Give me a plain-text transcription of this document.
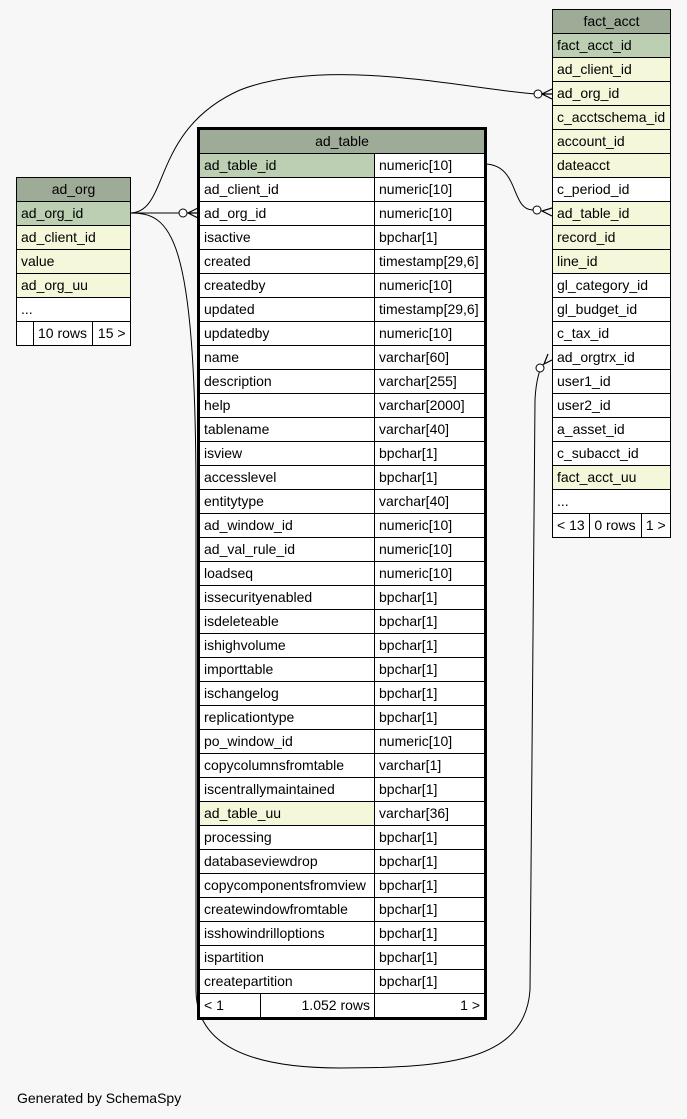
ad_org
ad_org_id
ad_client_id
value
ad_org_uu
...
	10 rows	15 >
ad_table		
ad_table_id		numeric[10]
ad_client_id		numeric[10]
ad_org_id		numeric[10]
isactive		bpchar[1]
created		timestamp[29,6]
createdby		numeric[10]
updated		timestamp[29,6]
updatedby		numeric[10]
name		varchar[60]
description		varchar[255]
help		varchar[2000]
tablename		varchar[40]
isview		bpchar[1]
accesslevel		bpchar[1]
entitytype		varchar[40]
ad_window_id		numeric[10]
ad_val_rule_id		numeric[10]
loadseq		numeric[10]
issecurityenabled		bpchar[1]
isdeleteable		bpchar[1]
ishighvolume		bpchar[1]
importtable		bpchar[1]
ischangelog		bpchar[1]
replicationtype		bpchar[1]
po_window_id		numeric[10]
copycolumnsfromtable		varchar[1]
iscentrallymaintained		bpchar[1]
ad_table_uu		varchar[36]
processing		bpchar[1]
databaseviewdrop		bpchar[1]
copycomponentsfromview		bpchar[1]
createwindowfromtable		bpchar[1]
isshowindrilloptions		bpchar[1]
ispartition		bpchar[1]
createpartition		bpchar[1]
< 1	1.052 rows	1 >
fact_acct
fact_acct_id
ad_client_id
ad_org_id
c_acctschema_id
account_id
dateacct
c_period_id
ad_table_id
record_id
line_id
gl_category_id
gl_budget_id
c_tax_id
ad_orgtrx_id
user1_id
user2_id
a_asset_id
c_subacct_id
fact_acct_uu
...
< 13	0 rows	1 >
Generated by SchemaSpy
